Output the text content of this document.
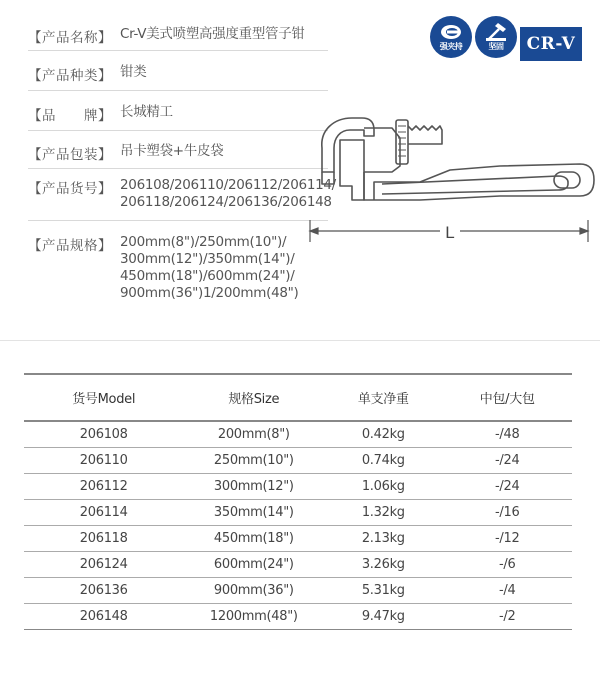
【产品名称】 Cr-V美式喷塑高强度重型管子钳
【产品种类】 钳类
【品　　牌】 长城精工
【产品包装】 吊卡塑袋+牛皮袋
【产品货号】 206108/206110/206112/206114/ 206118/206124/206136/206148
【产品规格】 200mm(8")/250mm(10")/ 300mm(12")/350mm(14")/ 450mm(18")/600mm(24")/ 900mm(36")1/200mm(48")
强夹持	坚固	CR-V
L
货号Model	规格Size	单支净重	中包/大包
206108	200mm(8")	0.42kg	-/48
206110	250mm(10")	0.74kg	-/24
206112	300mm(12")	1.06kg	-/24
206114	350mm(14")	1.32kg	-/16
206118	450mm(18")	2.13kg	-/12
206124	600mm(24")	3.26kg	-/6
206136	900mm(36")	5.31kg	-/4
206148	1200mm(48")	9.47kg	-/2
